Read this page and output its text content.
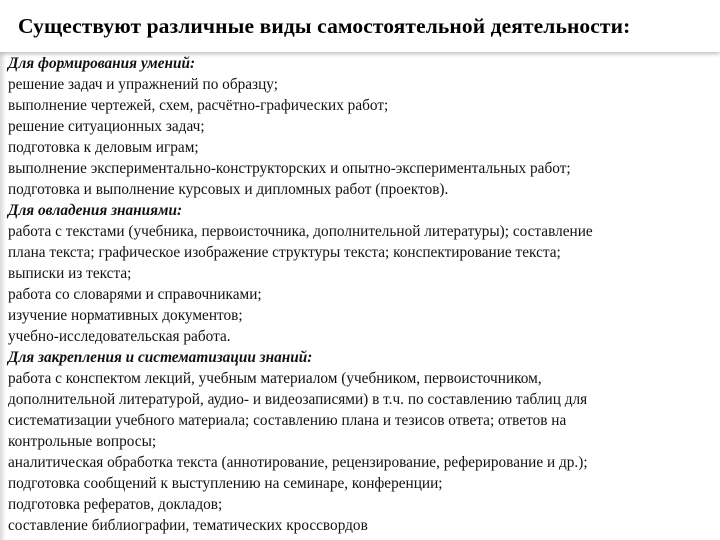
Существуют различные виды самостоятельной деятельности:
Для формирования умений:
решение задач и упражнений по образцу;
выполнение чертежей, схем, расчётно-графических работ;
решение ситуационных задач;
подготовка к деловым играм;
выполнение экспериментально-конструкторских и опытно-экспериментальных работ;
подготовка и выполнение курсовых и дипломных работ (проектов).
Для овладения знаниями:
работа с текстами (учебника, первоисточника, дополнительной литературы); составление
плана текста; графическое изображение структуры текста; конспектирование текста;
выписки из текста;
работа со словарями и справочниками;
изучение нормативных документов;
учебно-исследовательская работа.
Для закрепления и систематизации знаний:
работа с конспектом лекций, учебным материалом (учебником, первоисточником,
дополнительной литературой, аудио- и видеозаписями) в т.ч. по составлению таблиц для
систематизации учебного материала; составлению плана и тезисов ответа; ответов на
контрольные вопросы;
аналитическая обработка текста (аннотирование, рецензирование, реферирование и др.);
подготовка сообщений к выступлению на семинаре, конференции;
подготовка рефератов, докладов;
составление библиографии, тематических кроссвордов
